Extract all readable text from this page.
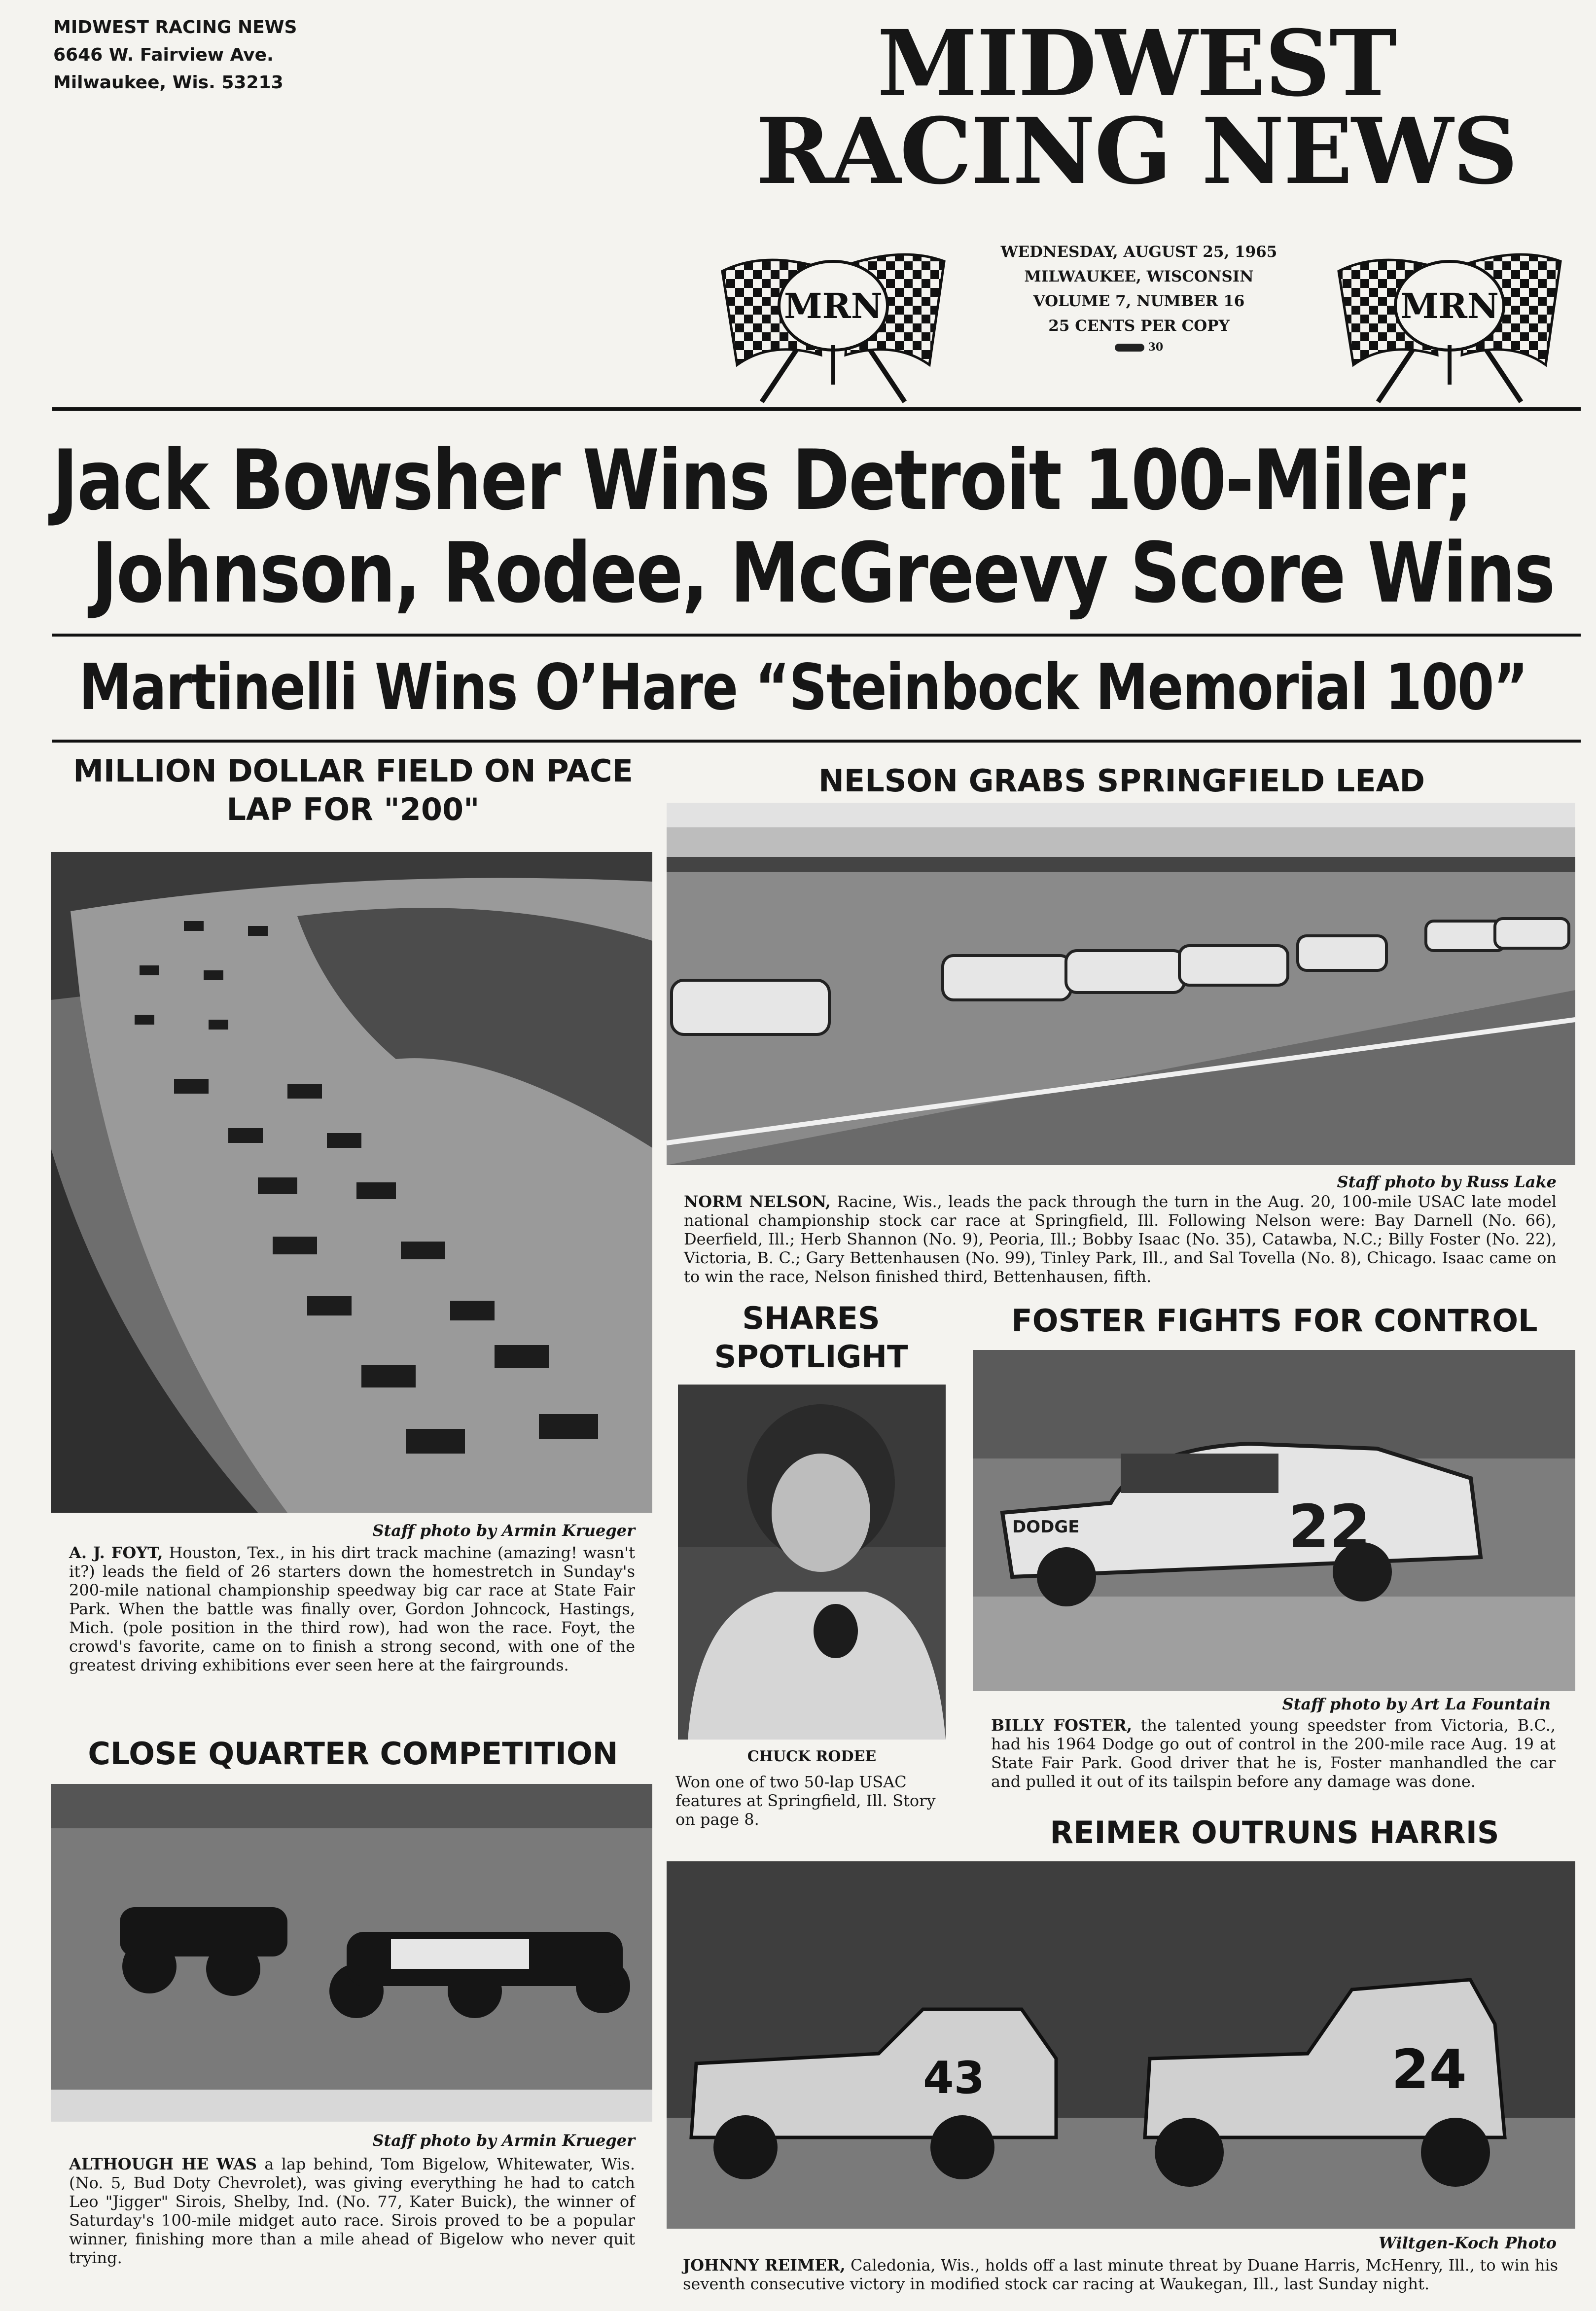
MIDWEST RACING NEWS
6646 W. Fairview Ave.
Milwaukee, Wis. 53213	MIDWEST
RACING NEWS
MRN	MRN
WEDNESDAY, AUGUST 25, 1965
MILWAUKEE, WISCONSIN
VOLUME 7, NUMBER 16
25 CENTS PER COPY
30
Jack Bowsher Wins Detroit 100-Miler;
Johnson, Rodee, McGreevy Score Wins
Martinelli Wins O’Hare “Steinbock Memorial 100”
MILLION DOLLAR FIELD ON PACE LAP FOR "200"
Staff photo by Armin Krueger
A. J. FOYT, Houston, Tex., in his dirt track machine (amazing! wasn't it?) leads the field of 26 starters down the homestretch in Sunday's 200-mile national championship speedway big car race at State Fair Park. When the battle was finally over, Gordon Johncock, Hastings, Mich. (pole position in the third row), had won the race. Foyt, the crowd's favorite, came on to finish a strong second, with one of the greatest driving exhibitions ever seen here at the fairgrounds.
CLOSE QUARTER COMPETITION
Staff photo by Armin Krueger
ALTHOUGH HE WAS a lap behind, Tom Bigelow, Whitewater, Wis. (No. 5, Bud Doty Chevrolet), was giving everything he had to catch Leo "Jigger" Sirois, Shelby, Ind. (No. 77, Kater Buick), the winner of Saturday's 100-mile midget auto race. Sirois proved to be a popular winner, finishing more than a mile ahead of Bigelow who never quit trying.
NELSON GRABS SPRINGFIELD LEAD
Staff photo by Russ Lake
NORM NELSON, Racine, Wis., leads the pack through the turn in the Aug. 20, 100-mile USAC late model national championship stock car race at Springfield, Ill. Following Nelson were: Bay Darnell (No. 66), Deerfield, Ill.; Herb Shannon (No. 9), Peoria, Ill.; Bobby Isaac (No. 35), Catawba, N.C.; Billy Foster (No. 22), Victoria, B. C.; Gary Bettenhausen (No. 99), Tinley Park, Ill., and Sal Tovella (No. 8), Chicago. Isaac came on to win the race, Nelson finished third, Bettenhausen, fifth.
SHARES SPOTLIGHT
CHUCK RODEE
Won one of two 50-lap USAC features at Springfield, Ill. Story on page 8.
FOSTER FIGHTS FOR CONTROL
22
DODGE
Staff photo by Art La Fountain
BILLY FOSTER, the talented young speedster from Victoria, B.C., had his 1964 Dodge go out of control in the 200-mile race Aug. 19 at State Fair Park. Good driver that he is, Foster manhandled the car and pulled it out of its tailspin before any damage was done.
REIMER OUTRUNS HARRIS
43	24
Wiltgen-Koch Photo
JOHNNY REIMER, Caledonia, Wis., holds off a last minute threat by Duane Harris, McHenry, Ill., to win his seventh consecutive victory in modified stock car racing at Waukegan, Ill., last Sunday night.
